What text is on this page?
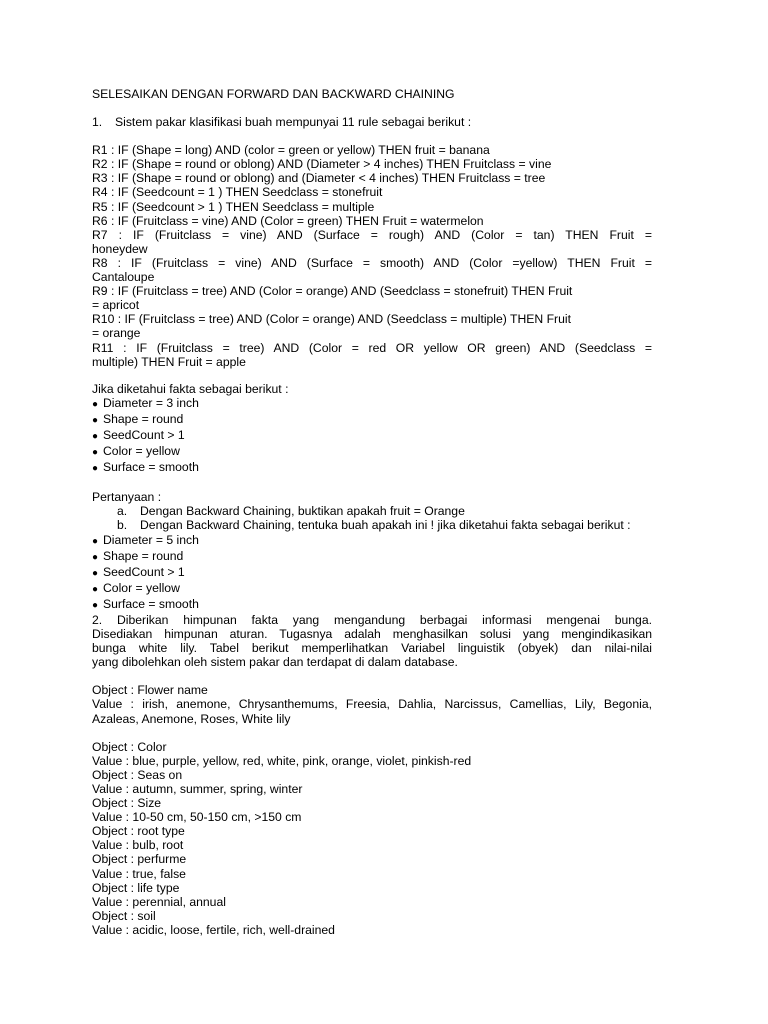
SELESAIKAN DENGAN FORWARD DAN BACKWARD CHAINING
1. Sistem pakar klasifikasi buah mempunyai 11 rule sebagai berikut :
R1 : IF (Shape = long) AND (color = green or yellow) THEN fruit = banana
R2 : IF (Shape = round or oblong) AND (Diameter > 4 inches) THEN Fruitclass = vine
R3 : IF (Shape = round or oblong) and (Diameter < 4 inches) THEN Fruitclass = tree
R4 : IF (Seedcount = 1 ) THEN Seedclass = stonefruit
R5 : IF (Seedcount > 1 ) THEN Seedclass = multiple
R6 : IF (Fruitclass = vine) AND (Color = green) THEN Fruit = watermelon
R7 : IF (Fruitclass = vine) AND (Surface = rough) AND (Color = tan) THEN Fruit =
honeydew
R8 : IF (Fruitclass = vine) AND (Surface = smooth) AND (Color =yellow) THEN Fruit =
Cantaloupe
R9 : IF (Fruitclass = tree) AND (Color = orange) AND (Seedclass = stonefruit) THEN Fruit
= apricot
R10 : IF (Fruitclass = tree) AND (Color = orange) AND (Seedclass = multiple) THEN Fruit
= orange
R11 : IF (Fruitclass = tree) AND (Color = red OR yellow OR green) AND (Seedclass =
multiple) THEN Fruit = apple
Jika diketahui fakta sebagai berikut :
● Diameter = 3 inch
● Shape = round
● SeedCount > 1
● Color = yellow
● Surface = smooth
Pertanyaan :
a.	Dengan Backward Chaining, buktikan apakah fruit = Orange
b.	Dengan Backward Chaining, tentuka buah apakah ini ! jika diketahui fakta sebagai berikut :
● Diameter = 5 inch
● Shape = round
● SeedCount > 1
● Color = yellow
● Surface = smooth
2. Diberikan himpunan fakta yang mengandung berbagai informasi mengenai bunga.
Disediakan himpunan aturan. Tugasnya adalah menghasilkan solusi yang mengindikasikan
bunga white lily. Tabel berikut memperlihatkan Variabel linguistik (obyek) dan nilai-nilai
yang dibolehkan oleh sistem pakar dan terdapat di dalam database.
Object : Flower name
Value : irish, anemone, Chrysanthemums, Freesia, Dahlia, Narcissus, Camellias, Lily, Begonia,
Azaleas, Anemone, Roses, White lily
Object : Color
Value : blue, purple, yellow, red, white, pink, orange, violet, pinkish-red
Object : Seas on
Value : autumn, summer, spring, winter
Object : Size
Value : 10-50 cm, 50-150 cm, >150 cm
Object : root type
Value : bulb, root
Object : perfurme
Value : true, false
Object : life type
Value : perennial, annual
Object : soil
Value : acidic, loose, fertile, rich, well-drained
